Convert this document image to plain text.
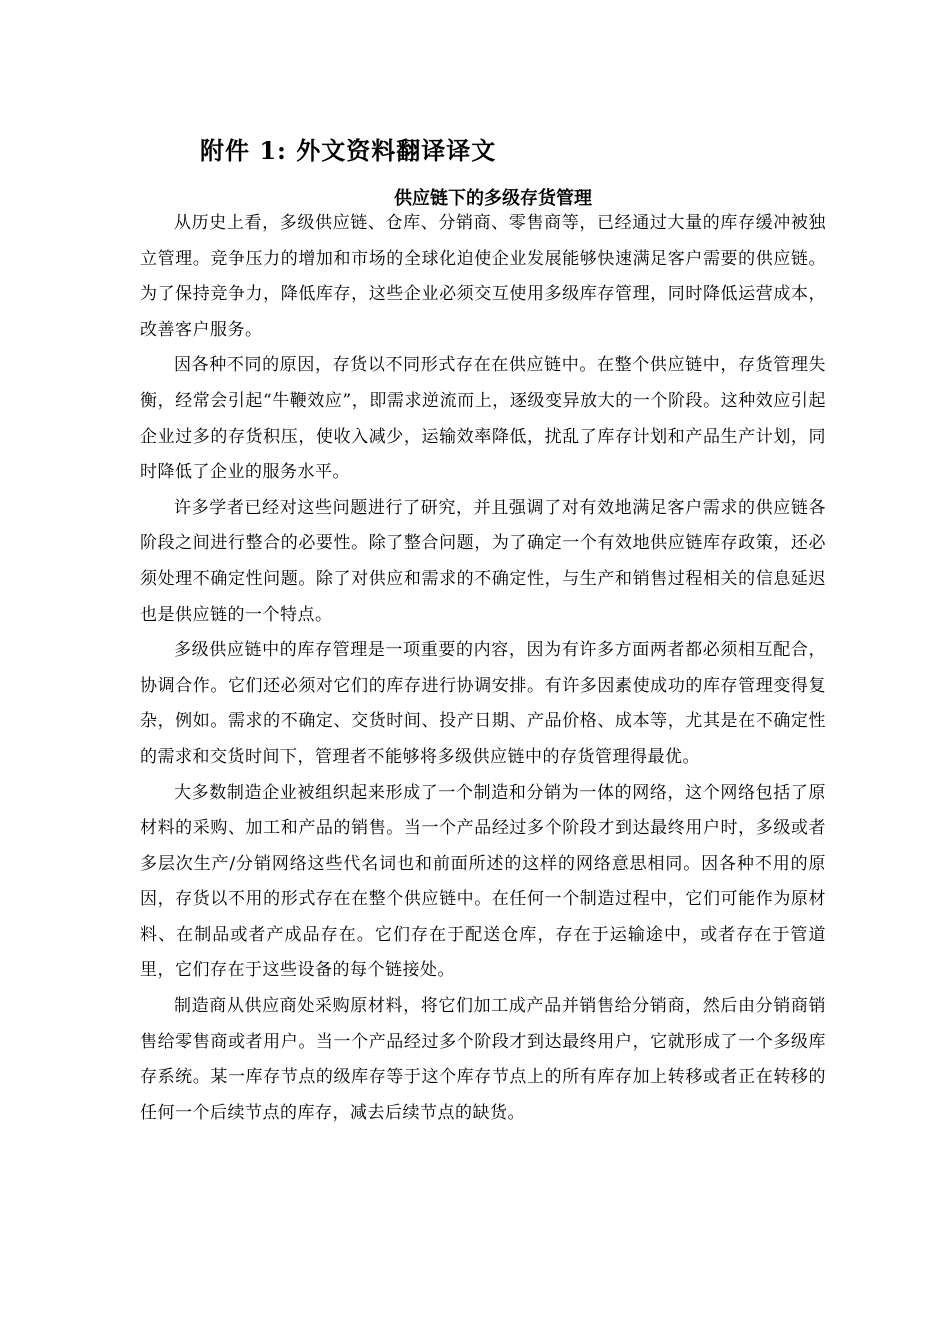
附件 1: 外文资料翻译译文
供应链下的多级存货管理

从历史上看，多级供应链、仓库、分销商、零售商等，已经通过大量的库存缓冲被独立管理。竞争压力的增加和市场的全球化迫使企业发展能够快速满足客户需要的供应链。为了保持竞争力，降低库存，这些企业必须交互使用多级库存管理，同时降低运营成本，改善客户服务。

因各种不同的原因，存货以不同形式存在在供应链中。在整个供应链中，存货管理失衡，经常会引起“牛鞭效应”，即需求逆流而上，逐级变异放大的一个阶段。这种效应引起企业过多的存货积压，使收入减少，运输效率降低，扰乱了库存计划和产品生产计划，同时降低了企业的服务水平。

许多学者已经对这些问题进行了研究，并且强调了对有效地满足客户需求的供应链各阶段之间进行整合的必要性。除了整合问题，为了确定一个有效地供应链库存政策，还必须处理不确定性问题。除了对供应和需求的不确定性，与生产和销售过程相关的信息延迟也是供应链的一个特点。

多级供应链中的库存管理是一项重要的内容，因为有许多方面两者都必须相互配合，协调合作。它们还必须对它们的库存进行协调安排。有许多因素使成功的库存管理变得复杂，例如。需求的不确定、交货时间、投产日期、产品价格、成本等，尤其是在不确定性的需求和交货时间下，管理者不能够将多级供应链中的存货管理得最优。

大多数制造企业被组织起来形成了一个制造和分销为一体的网络，这个网络包括了原材料的采购、加工和产品的销售。当一个产品经过多个阶段才到达最终用户时，多级或者多层次生产/分销网络这些代名词也和前面所述的这样的网络意思相同。因各种不用的原因，存货以不用的形式存在在整个供应链中。在任何一个制造过程中，它们可能作为原材料、在制品或者产成品存在。它们存在于配送仓库，存在于运输途中，或者存在于管道里，它们存在于这些设备的每个链接处。

制造商从供应商处采购原材料，将它们加工成产品并销售给分销商，然后由分销商销售给零售商或者用户。当一个产品经过多个阶段才到达最终用户，它就形成了一个多级库存系统。某一库存节点的级库存等于这个库存节点上的所有库存加上转移或者正在转移的任何一个后续节点的库存，减去后续节点的缺货。
